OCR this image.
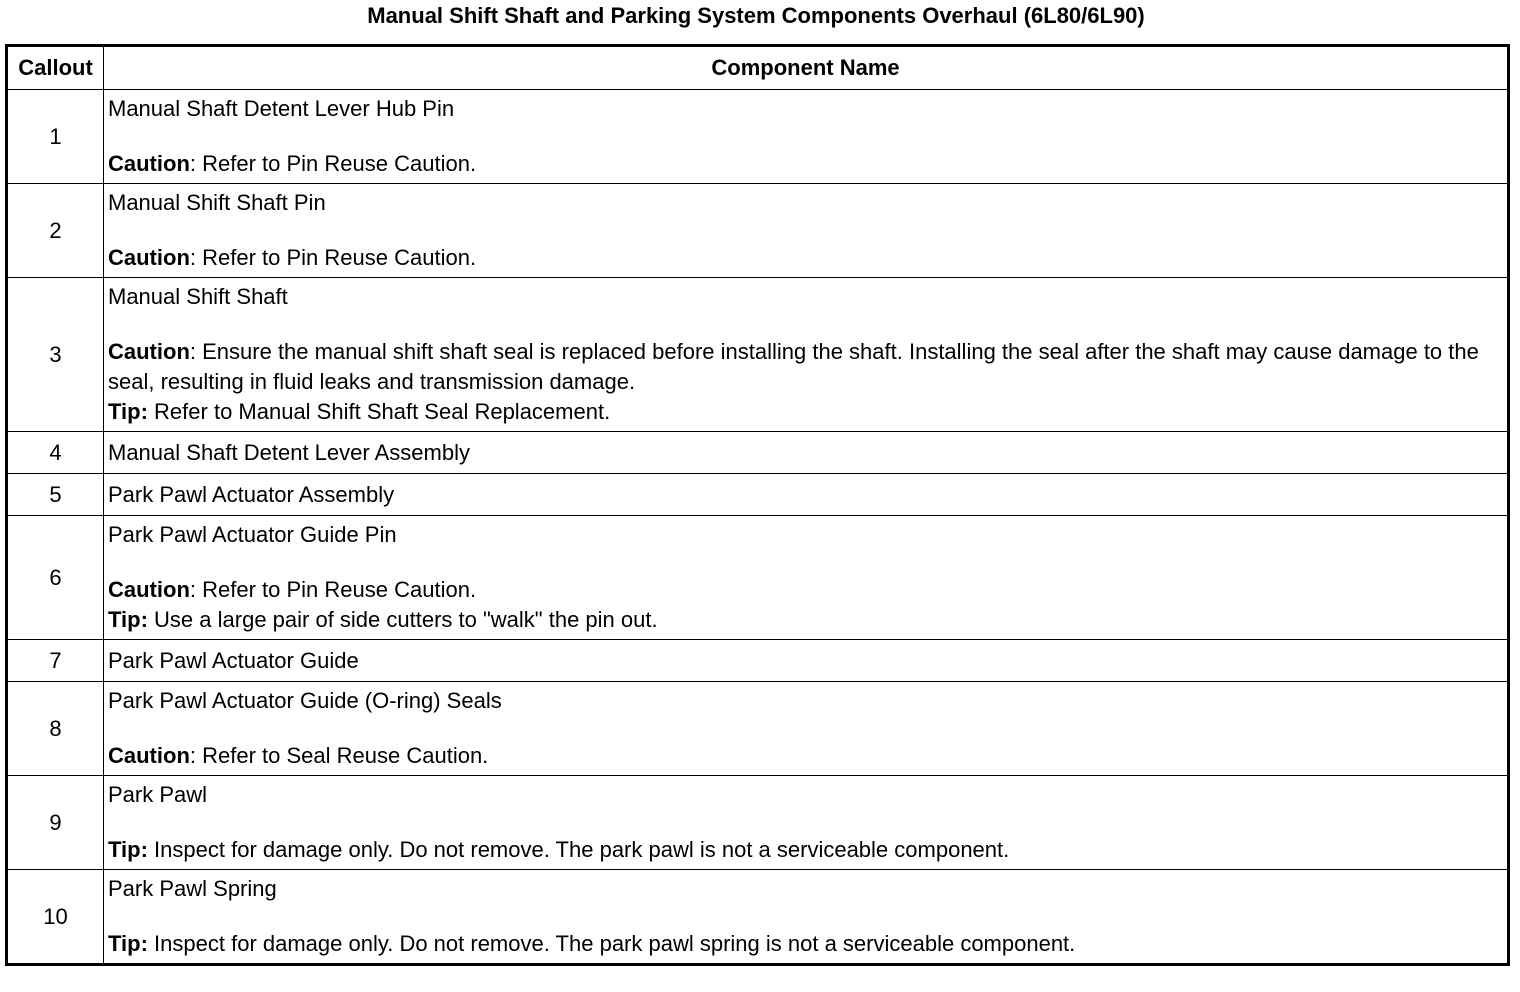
Manual Shift Shaft and Parking System Components Overhaul (6L80/6L90)
Callout	Component Name
1	Manual Shaft Detent Lever Hub Pin
Caution: Refer to Pin Reuse Caution.

2	Manual Shift Shaft Pin
Caution: Refer to Pin Reuse Caution.

3	Manual Shift Shaft
Caution: Ensure the manual shift shaft seal is replaced before installing the shaft. Installing the seal after the shaft may cause damage to the seal, resulting in fluid leaks and transmission damage.
Tip: Refer to Manual Shift Shaft Seal Replacement.

4	Manual Shaft Detent Lever Assembly

5	Park Pawl Actuator Assembly

6	Park Pawl Actuator Guide Pin
Caution: Refer to Pin Reuse Caution.
Tip: Use a large pair of side cutters to "walk" the pin out.

7	Park Pawl Actuator Guide

8	Park Pawl Actuator Guide (O-ring) Seals
Caution: Refer to Seal Reuse Caution.

9	Park Pawl
Tip: Inspect for damage only. Do not remove. The park pawl is not a serviceable component.

10	Park Pawl Spring
Tip: Inspect for damage only. Do not remove. The park pawl spring is not a serviceable component.
